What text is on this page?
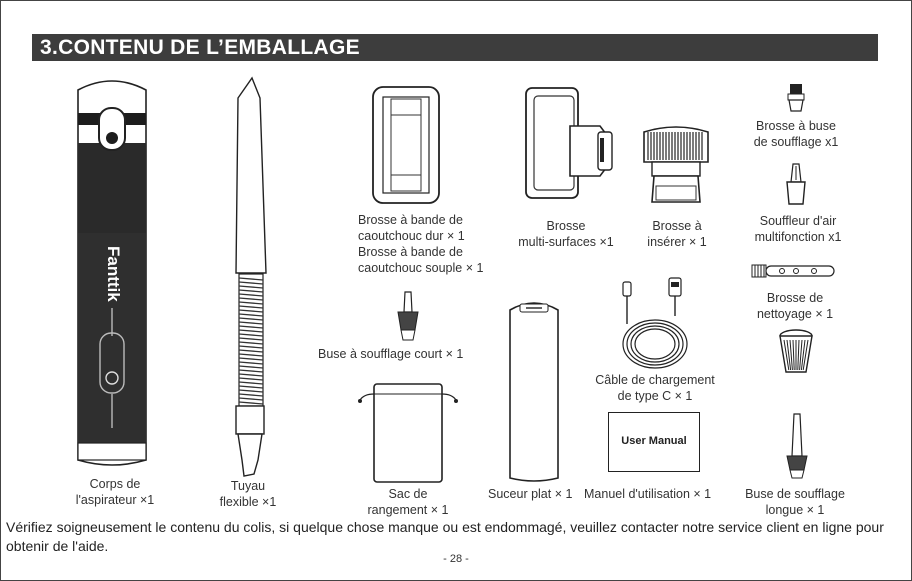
3.CONTENU DE L’EMBALLAGE
Fanttik
User Manual
Corps de
l'aspirateur ×1
Tuyau
flexible ×1
Brosse à bande de
caoutchouc dur × 1
Brosse à bande de
caoutchouc souple × 1
Buse à soufflage court × 1
Sac de
rangement × 1
Brosse
multi-surfaces ×1
Brosse à
insérer × 1
Suceur plat × 1
Câble de chargement
de type C × 1
Manuel d'utilisation × 1
Brosse à buse
de soufflage x1
Souffleur d'air
multifonction x1
Brosse de
nettoyage × 1
Buse de soufflage
longue × 1
Vérifiez soigneusement le contenu du colis, si quelque chose manque ou est endommagé, veuillez contacter notre service client en ligne pour obtenir de l'aide.
- 28 -
